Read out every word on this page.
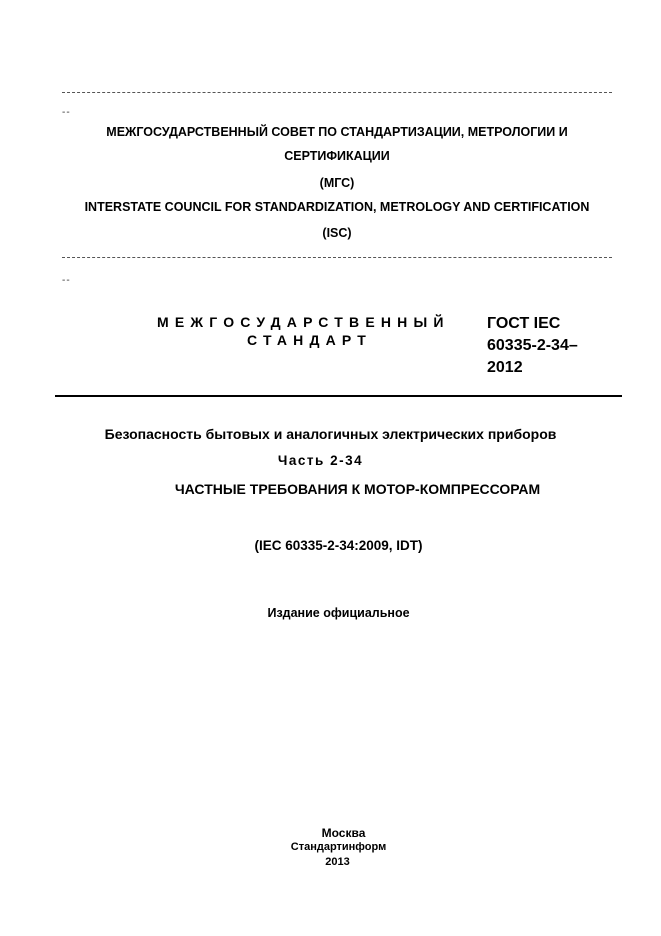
--
МЕЖГОСУДАРСТВЕННЫЙ СОВЕТ ПО СТАНДАРТИЗАЦИИ, МЕТРОЛОГИИ И
СЕРТИФИКАЦИИ
(МГС)
INTERSTATE COUNCIL FOR STANDARDIZATION, METROLOGY AND CERTIFICATION
(ISC)
--
МЕЖГОСУДАРСТВЕННЫЙ
СТАНДАРТ
ГОСТ IEC
60335-2-34–
2012
Безопасность бытовых и аналогичных электрических приборов
Часть 2-34
ЧАСТНЫЕ ТРЕБОВАНИЯ К МОТОР-КОМПРЕССОРАМ
(IEC 60335-2-34:2009, IDT)
Издание официальное
Москва
Стандартинформ
2013
